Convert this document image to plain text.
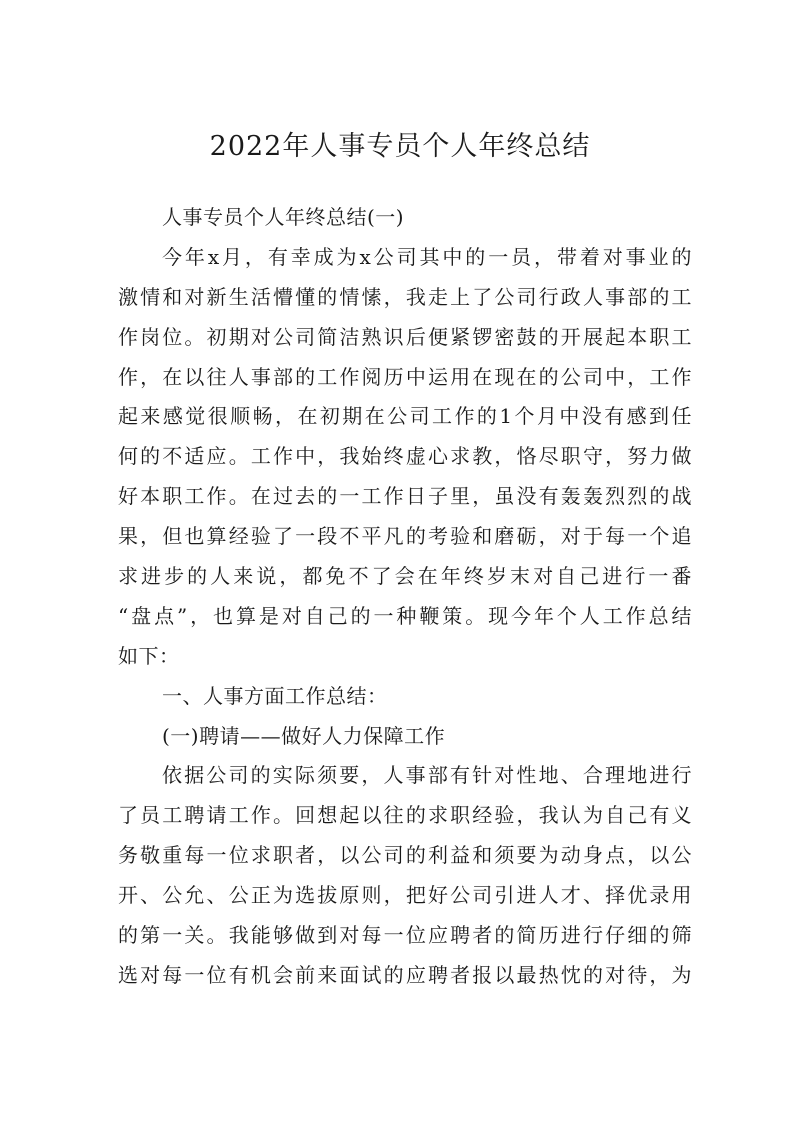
2022年人事专员个人年终总结
人事专员个人年终总结(一)
今年x月，有幸成为x公司其中的一员，带着对事业的
激情和对新生活懵懂的情愫，我走上了公司行政人事部的工
作岗位。初期对公司简洁熟识后便紧锣密鼓的开展起本职工
作，在以往人事部的工作阅历中运用在现在的公司中，工作
起来感觉很顺畅，在初期在公司工作的1个月中没有感到任
何的不适应。工作中，我始终虚心求教，恪尽职守，努力做
好本职工作。在过去的一工作日子里，虽没有轰轰烈烈的战
果，但也算经验了一段不平凡的考验和磨砺，对于每一个追
求进步的人来说，都免不了会在年终岁末对自己进行一番
“盘点”，也算是对自己的一种鞭策。现今年个人工作总结
如下：
一、人事方面工作总结：
(一)聘请——做好人力保障工作
依据公司的实际须要，人事部有针对性地、合理地进行
了员工聘请工作。回想起以往的求职经验，我认为自己有义
务敬重每一位求职者，以公司的利益和须要为动身点，以公
开、公允、公正为选拔原则，把好公司引进人才、择优录用
的第一关。我能够做到对每一位应聘者的简历进行仔细的筛
选对每一位有机会前来面试的应聘者报以最热忱的对待，为
